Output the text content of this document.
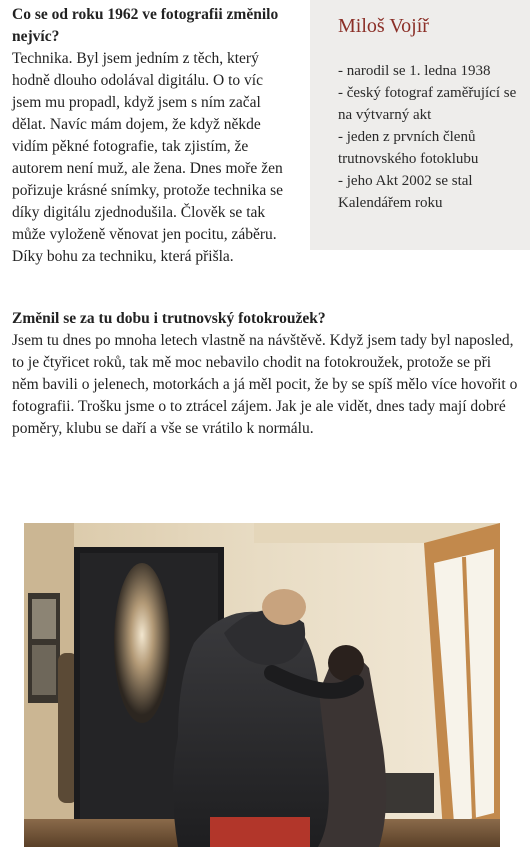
Miloš Vojíř
- narodil se 1. ledna 1938
- český fotograf zaměřující se na výtvarný akt
- jeden z prvních členů trutnovského fotoklubu
- jeho Akt 2002 se stal Kalendářem roku

Co se od roku 1962 ve fotografii změnilo nejvíc?

Technika. Byl jsem jedním z těch, který hodně dlouho odolával digitálu. O to víc jsem mu propadl, když jsem s ním začal dělat. Navíc mám dojem, že když někde vidím pěkné fotografie, tak zjistím, že autorem není muž, ale žena. Dnes moře žen pořizuje krásné snímky, protože technika se díky digitálu zjednodušila. Člověk se tak může vyloženě věnovat jen pocitu, záběru. Díky bohu za techniku, která přišla.

Změnil se za tu dobu i trutnovský fotokroužek?

Jsem tu dnes po mnoha letech vlastně na návštěvě. Když jsem tady byl naposled, to je čtyřicet roků, tak mě moc nebavilo chodit na fotokroužek, protože se při něm bavili o jelenech, motorkách a já měl pocit, že by se spíš mělo více hovořit o fotografii. Trošku jsme o to ztrácel zájem. Jak je ale vidět, dnes tady mají dobré poměry, klubu se daří a vše se vrátilo k normálu.
